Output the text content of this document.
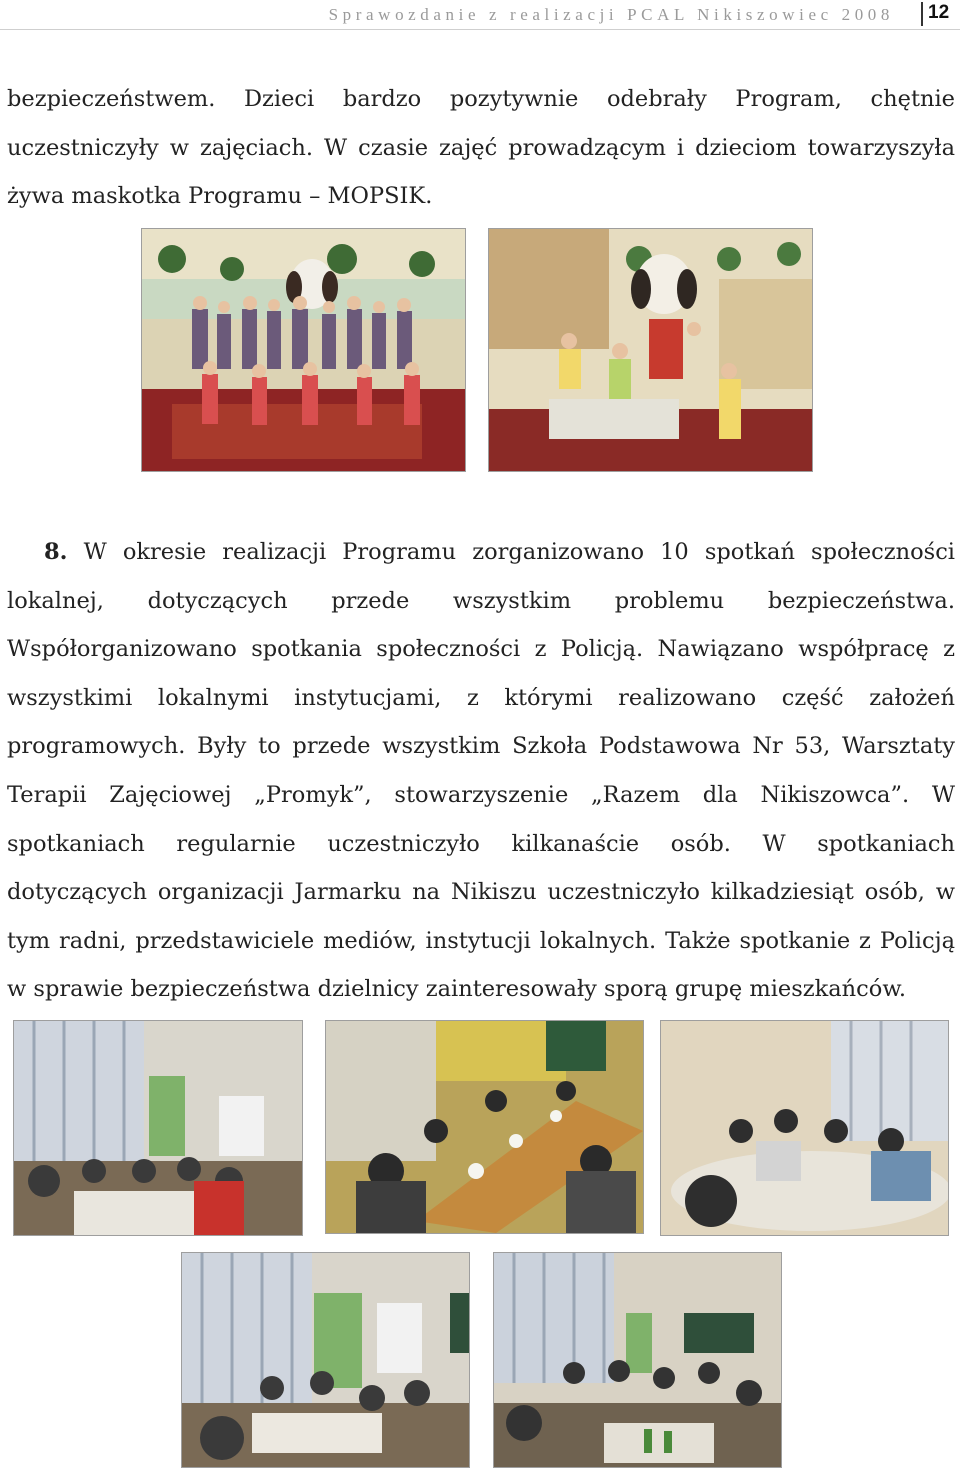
Sprawozdanie z realizacji PCAL Nikiszowiec 2008 12

bezpieczeństwem. Dzieci bardzo pozytywnie odebrały Program, chętnie uczestniczyły w zajęciach. W czasie zajęć prowadzącym i dzieciom towarzyszyła żywa maskotka Programu – MOPSIK.

8. W okresie realizacji Programu zorganizowano 10 spotkań społeczności lokalnej, dotyczących przede wszystkim problemu bezpieczeństwa. Współorganizowano spotkania społeczności z Policją. Nawiązano współpracę z wszystkimi lokalnymi instytucjami, z którymi realizowano część założeń programowych. Były to przede wszystkim Szkoła Podstawowa Nr 53, Warsztaty Terapii Zajęciowej „Promyk”, stowarzyszenie „Razem dla Nikiszowca”. W spotkaniach regularnie uczestniczyło kilkanaście osób. W spotkaniach dotyczących organizacji Jarmarku na Nikiszu uczestniczyło kilkadziesiąt osób, w tym radni, przedstawiciele mediów, instytucji lokalnych. Także spotkanie z Policją w sprawie bezpieczeństwa dzielnicy zainteresowały sporą grupę mieszkańców.
